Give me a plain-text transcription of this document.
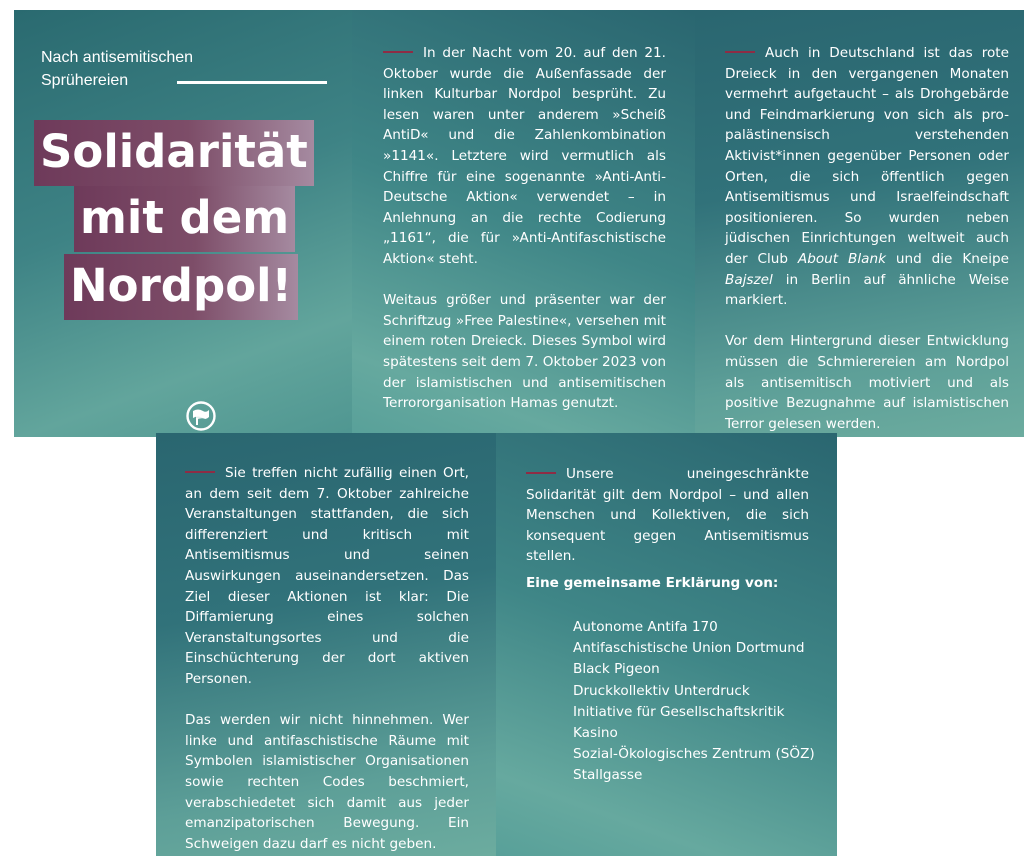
Nach antisemitischen
Sprühereien

Solidarität
mit dem
Nordpol!

In der Nacht vom 20. auf den 21. Oktober wurde die Außenfassade der linken Kulturbar Nordpol besprüht. Zu lesen waren unter anderem »Scheiß AntiD« und die Zahlenkombination »1141«. Letztere wird vermutlich als Chiffre für eine sogenannte »Anti-Anti-Deutsche Aktion« verwendet – in Anlehnung an die rechte Codierung „1161“, die für »Anti-Antifaschistische Aktion« steht.

Weitaus größer und präsenter war der Schriftzug »Free Palestine«, versehen mit einem roten Dreieck. Dieses Symbol wird spätestens seit dem 7. Oktober 2023 von der islamistischen und antisemitischen Terrororganisation Hamas genutzt.

Auch in Deutschland ist das rote Dreieck in den vergangenen Monaten vermehrt aufgetaucht – als Drohgebärde und Feindmarkierung von sich als pro-palästinensisch verstehenden Aktivist*innen gegenüber Personen oder Orten, die sich öffentlich gegen Antisemitismus und Israelfeindschaft positionieren. So wurden neben jüdischen Einrichtungen weltweit auch der Club About Blank und die Kneipe Bajszel in Berlin auf ähnliche Weise markiert.

Vor dem Hintergrund dieser Entwicklung müssen die Schmierereien am Nordpol als antisemitisch motiviert und als positive Bezugnahme auf islamistischen Terror gelesen werden.

Sie treffen nicht zufällig einen Ort, an dem seit dem 7. Oktober zahlreiche Veranstaltungen stattfanden, die sich differenziert und kritisch mit Antisemitismus und seinen Auswirkungen auseinandersetzen. Das Ziel dieser Aktionen ist klar: Die Diffamierung eines solchen Veranstaltungsortes und die Einschüchterung der dort aktiven Personen.

Das werden wir nicht hinnehmen. Wer linke und antifaschistische Räume mit Symbolen islamistischer Organisationen sowie rechten Codes beschmiert, verabschiedetet sich damit aus jeder emanzipatorischen Bewegung. Ein Schweigen dazu darf es nicht geben.

Unsere uneingeschränkte Solidarität gilt dem Nordpol – und allen Menschen und Kollektiven, die sich konsequent gegen Antisemitismus stellen.

Eine gemeinsame Erklärung von:

Autonome Antifa 170
Antifaschistische Union Dortmund
Black Pigeon
Druckkollektiv Unterdruck
Initiative für Gesellschaftskritik
Kasino
Sozial-Ökologisches Zentrum (SÖZ)
Stallgasse
